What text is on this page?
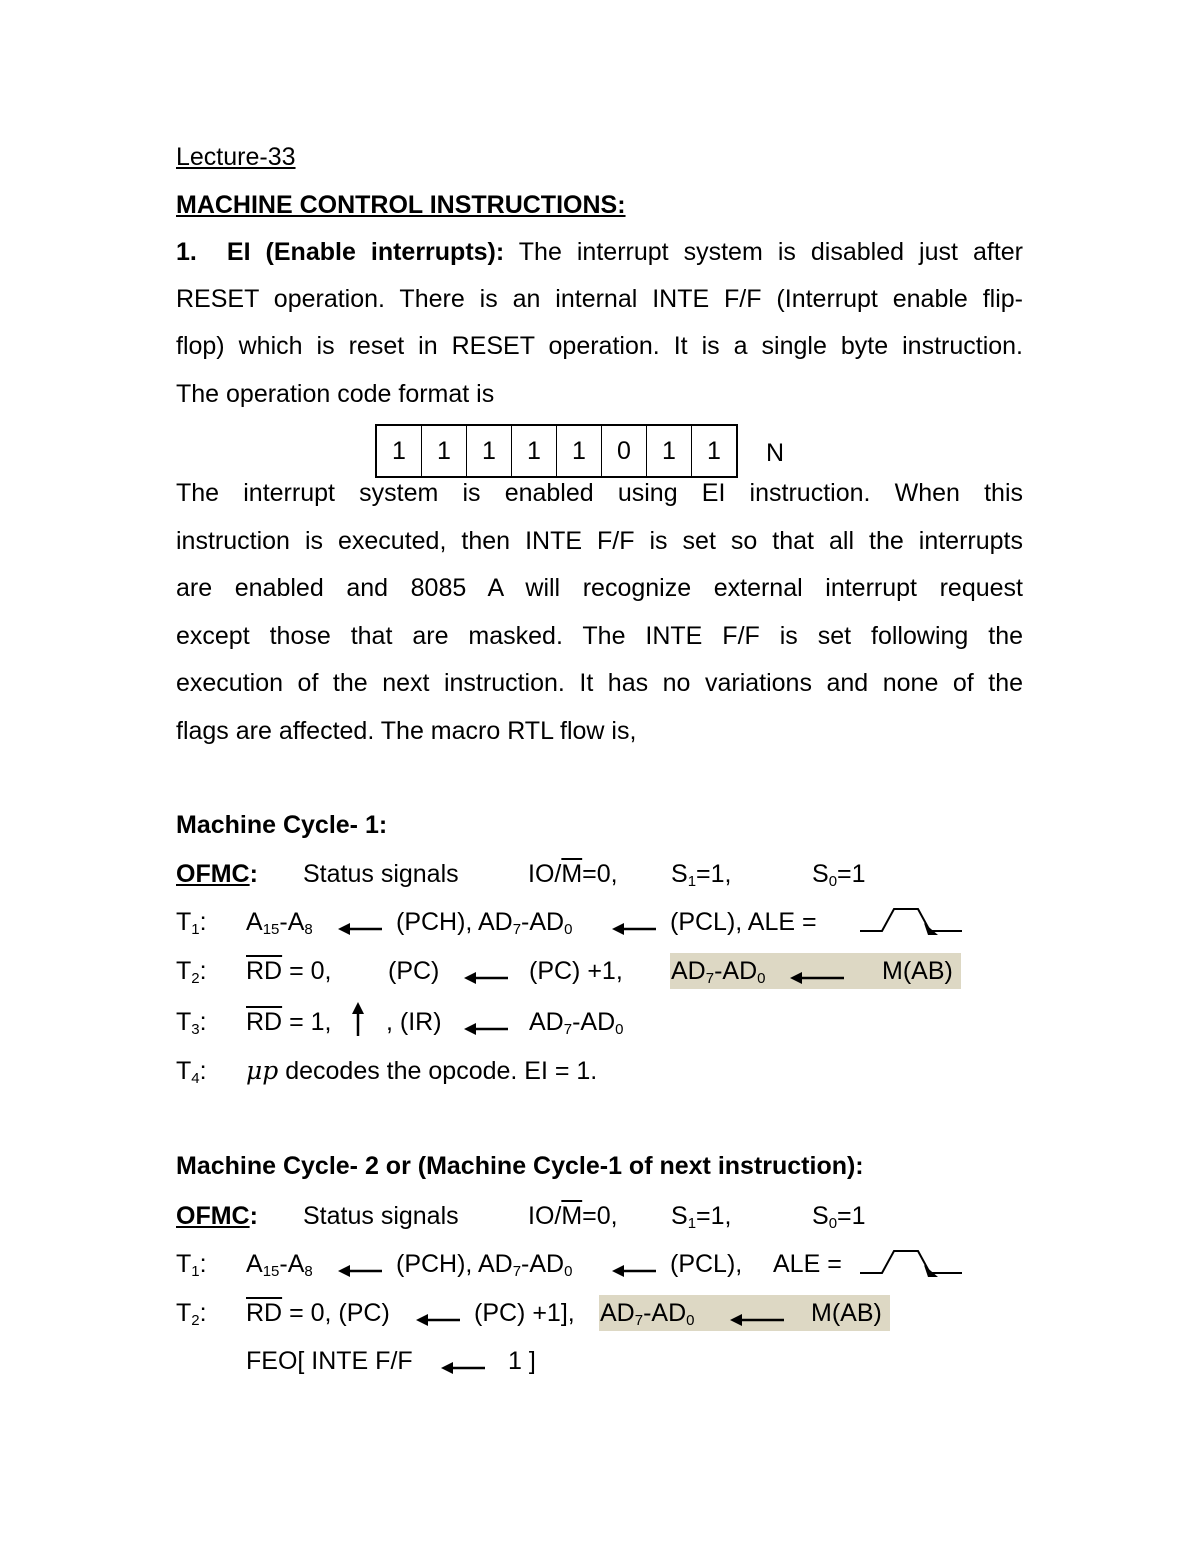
Lecture-33
MACHINE CONTROL INSTRUCTIONS:
1. EI (Enable interrupts): The interrupt system is disabled just after
RESET operation. There is an internal INTE F/F (Interrupt enable flip-
flop) which is reset in RESET operation. It is a single byte instruction.
The operation code format is
1	1	1	1	1	0	1	1	N
The interrupt system is enabled using EI instruction. When this
instruction is executed, then INTE F/F is set so that all the interrupts
are enabled and 8085 A will recognize external interrupt request
except those that are masked. The INTE F/F is set following the
execution of the next instruction. It has no variations and none of the
flags are affected. The macro RTL flow is,
Machine Cycle- 1:
OFMC: Status signals	$IO/\overline{M}=0$, $S_1=1$,	$S_0=1$
$T_1$: $A_{15}-A_8$	(PCH), $AD_7-AD_0$	(PCL), ALE =
$T_2$: $\overline{RD} = 0$, (PC)	(PC) +1, $AD_7-AD_0$	M(AB)
$T_3$: $\overline{RD} = 1$, , (IR)	$AD_7-AD_0$
$T_4$: μp decodes the opcode. EI = 1.
Machine Cycle- 2 or (Machine Cycle-1 of next instruction):
OFMC: Status signals	$IO/\overline{M}=0$, $S_1=1$,	$S_0=1$
$T_1$: $A_{15}-A_8$	(PCH), $AD_7-AD_0$	(PCL), ALE =
$T_2$: $\overline{RD} = 0$, (PC)	(PC) +1], $AD_7-AD_0$	M(AB)
FEO[ INTE F/F	1 ]
